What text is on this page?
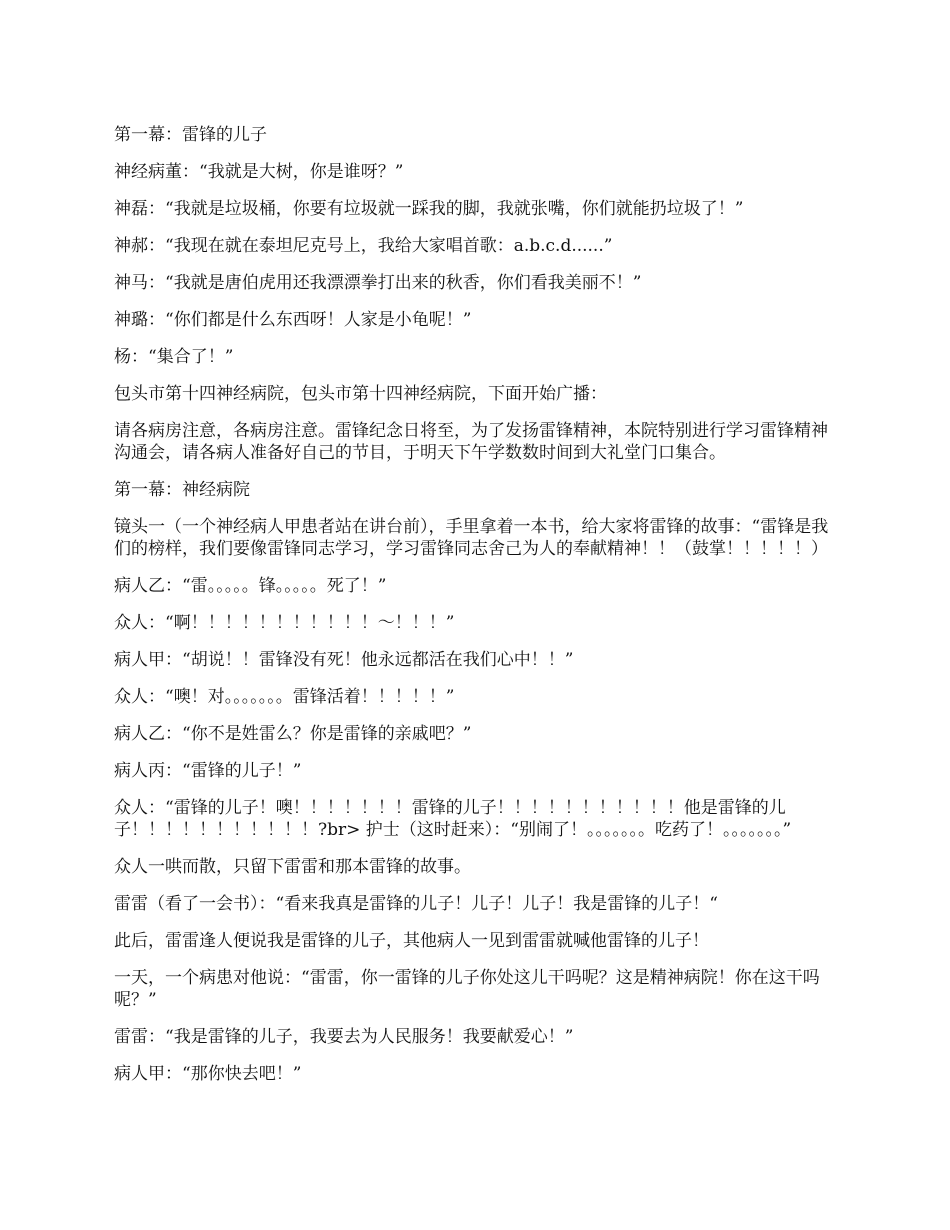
第一幕：雷锋的儿子

神经病董：“我就是大树，你是谁呀？”

神磊：“我就是垃圾桶，你要有垃圾就一踩我的脚，我就张嘴，你们就能扔垃圾了！”

神郝：“我现在就在泰坦尼克号上，我给大家唱首歌：a.b.c.d......”

神马：“我就是唐伯虎用还我漂漂拳打出来的秋香，你们看我美丽不！”

神璐：“你们都是什么东西呀！人家是小龟呢！”

杨：“集合了！”

包头市第十四神经病院，包头市第十四神经病院，下面开始广播：

请各病房注意，各病房注意。雷锋纪念日将至，为了发扬雷锋精神，本院特别进行学习雷锋精神沟通会，请各病人准备好自己的节目，于明天下午学数数时间到大礼堂门口集合。

第一幕：神经病院

镜头一（一个神经病人甲患者站在讲台前），手里拿着一本书，给大家将雷锋的故事：“雷锋是我们的榜样，我们要像雷锋同志学习，学习雷锋同志舍己为人的奉献精神！！（鼓掌！！！！！）

病人乙：“雷。。。。。锋。。。。。死了！”

众人：“啊！！！！！！！！！！！～！！！”

病人甲：“胡说！！雷锋没有死！他永远都活在我们心中！！”

众人：“噢！对。。。。。。。雷锋活着！！！！！”

病人乙：“你不是姓雷么？你是雷锋的亲戚吧？”

病人丙：“雷锋的儿子！”

众人：“雷锋的儿子！噢！！！！！！！雷锋的儿子！！！！！！！！！！！他是雷锋的儿子！！！！！！！！！！！?br> 护士（这时赶来）：“别闹了！。。。。。。。吃药了！。。。。。。。”

众人一哄而散，只留下雷雷和那本雷锋的故事。

雷雷（看了一会书）：“看来我真是雷锋的儿子！儿子！儿子！我是雷锋的儿子！“

此后，雷雷逢人便说我是雷锋的儿子，其他病人一见到雷雷就喊他雷锋的儿子！

一天，一个病患对他说：“雷雷，你一雷锋的儿子你处这儿干吗呢？这是精神病院！你在这干吗呢？”

雷雷：“我是雷锋的儿子，我要去为人民服务！我要献爱心！”

病人甲：“那你快去吧！”
